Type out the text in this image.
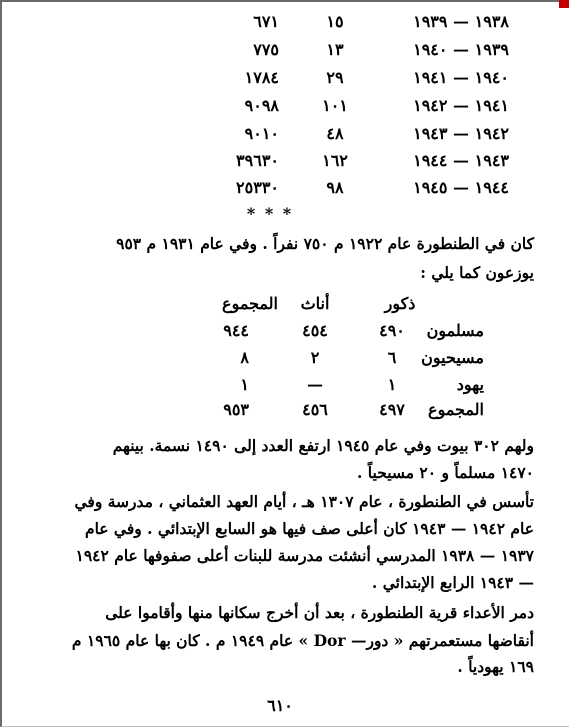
١٩٣٨ — ١٩٣٩
١٥
٦٧١
١٩٣٩ — ١٩٤٠
١٣
٧٧٥
١٩٤٠ — ١٩٤١
٢٩
١٧٨٤
١٩٤١ — ١٩٤٢
١٠١
٩٠٩٨
١٩٤٢ — ١٩٤٣
٤٨
٩٠١٠
١٩٤٣ — ١٩٤٤
١٦٢
٣٩٦٣٠
١٩٤٤ — ١٩٤٥
٩٨
٢٥٣٣٠
* * *
كان في الطنطورة عام ١٩٢٢ م ٧٥٠ نفراً . وفي عام ١٩٣١ م ٩٥٣
يوزعون كما يلي :
ذكور
أناث
المجموع
مسلمون
٤٩٠
٤٥٤
٩٤٤
مسيحيون
٦
٢
٨
يهود
١
—
١
المجموع
٤٩٧
٤٥٦
٩٥٣
ولهم ٣٠٢ بيوت وفي عام ١٩٤٥ ارتفع العدد إلى ١٤٩٠ نسمة. بينهم
١٤٧٠ مسلماً و ٢٠ مسيحياً .
تأسس في الطنطورة ، عام ١٣٠٧ هـ ، أيام العهد العثماني ، مدرسة وفي
عام ١٩٤٢ — ١٩٤٣ كان أعلى صف فيها هو السابع الإبتدائي . وفي عام
١٩٣٧ — ١٩٣٨ المدرسي أنشئت مدرسة للبنات أعلى صفوفها عام ١٩٤٢
— ١٩٤٣ الرابع الإبتدائي .
دمر الأعداء قرية الطنطورة ، بعد أن أخرج سكانها منها وأقاموا على
أنقاضها مستعمرتهم « دور— Dor » عام ١٩٤٩ م . كان بها عام ١٩٦٥ م
١٦٩ يهودياً .
٦١٠
